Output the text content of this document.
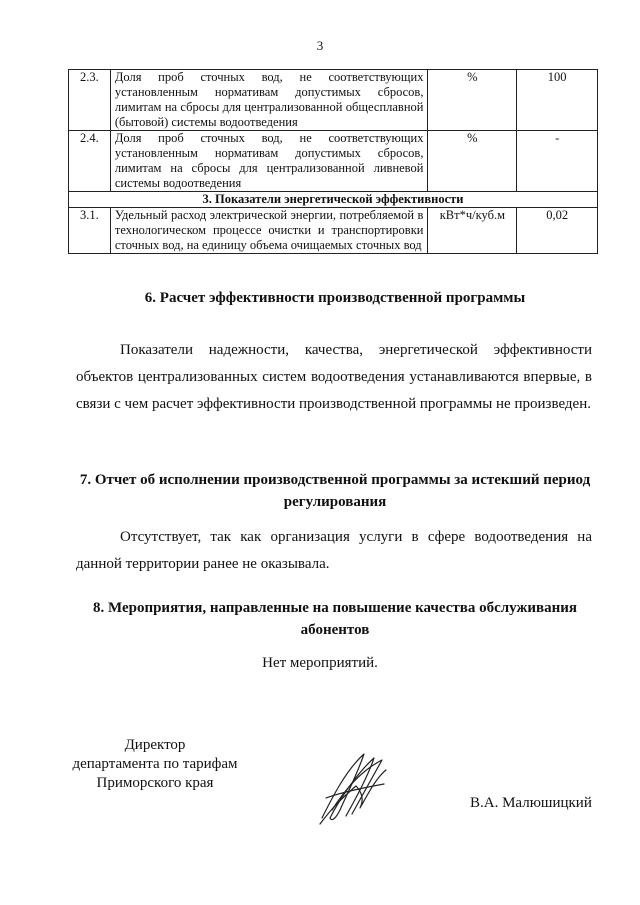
3
2.3.	Доля проб сточных вод, не соответствующих установленным нормативам допустимых сбросов, лимитам на сбросы для централизованной общесплавной (бытовой) системы водоотведения	%	100
2.4.	Доля проб сточных вод, не соответствующих установленным нормативам допустимых сбросов, лимитам на сбросы для централизованной ливневой системы водоотведения	%	-
3. Показатели энергетической эффективности			
3.1.	Удельный расход электрической энергии, потребляемой в технологическом процессе очистки и транспортировки сточных вод, на единицу объема очищаемых сточных вод	кВт*ч/куб.м	0,02
6. Расчет эффективности производственной программы
Показатели надежности, качества, энергетической эффективности объектов централизованных систем водоотведения устанавливаются впервые, в связи с чем расчет эффективности производственной программы не произведен.
7. Отчет об исполнении производственной программы за истекший период регулирования
Отсутствует, так как организация услуги в сфере водоотведения на данной территории ранее не оказывала.
8. Мероприятия, направленные на повышение качества обслуживания абонентов
Нет мероприятий.
Директор
департамента по тарифам
Приморского края
В.А. Малюшицкий
